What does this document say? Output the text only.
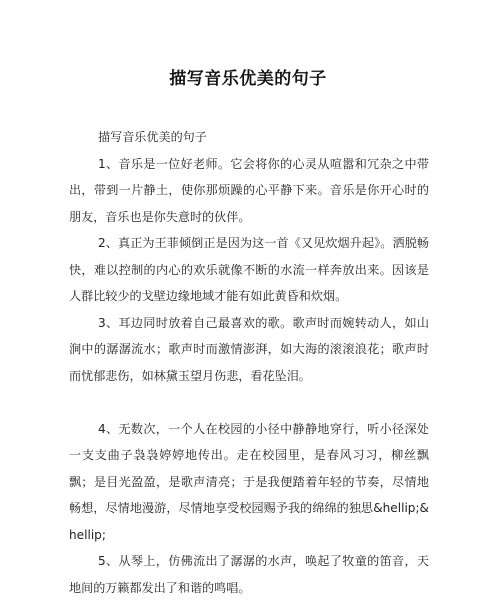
描写音乐优美的句子

描写音乐优美的句子

1、音乐是一位好老师。它会将你的心灵从喧嚣和冗杂之中带出，带到一片静土，使你那烦躁的心平静下来。音乐是你开心时的朋友，音乐也是你失意时的伙伴。

2、真正为王菲倾倒正是因为这一首《又见炊烟升起》。洒脱畅快，难以控制的内心的欢乐就像不断的水流一样奔放出来。因该是人群比较少的戈壁边缘地域才能有如此黄昏和炊烟。

3、耳边同时放着自己最喜欢的歌。歌声时而婉转动人，如山涧中的潺潺流水；歌声时而激情澎湃，如大海的滚滚浪花；歌声时而忧郁悲伤，如林黛玉望月伤悲，看花坠泪。

4、无数次，一个人在校园的小径中静静地穿行，听小径深处一支支曲子袅袅婷婷地传出。走在校园里，是春风习习，柳丝飘飘；是目光盈盈，是歌声清亮；于是我便踏着年轻的节奏，尽情地畅想，尽情地漫游，尽情地享受校园赐予我的绵绵的独思&hellip;&hellip;

5、从琴上，仿佛流出了潺潺的水声，唤起了牧童的笛音，天地间的万籁都发出了和谐的鸣唱。
